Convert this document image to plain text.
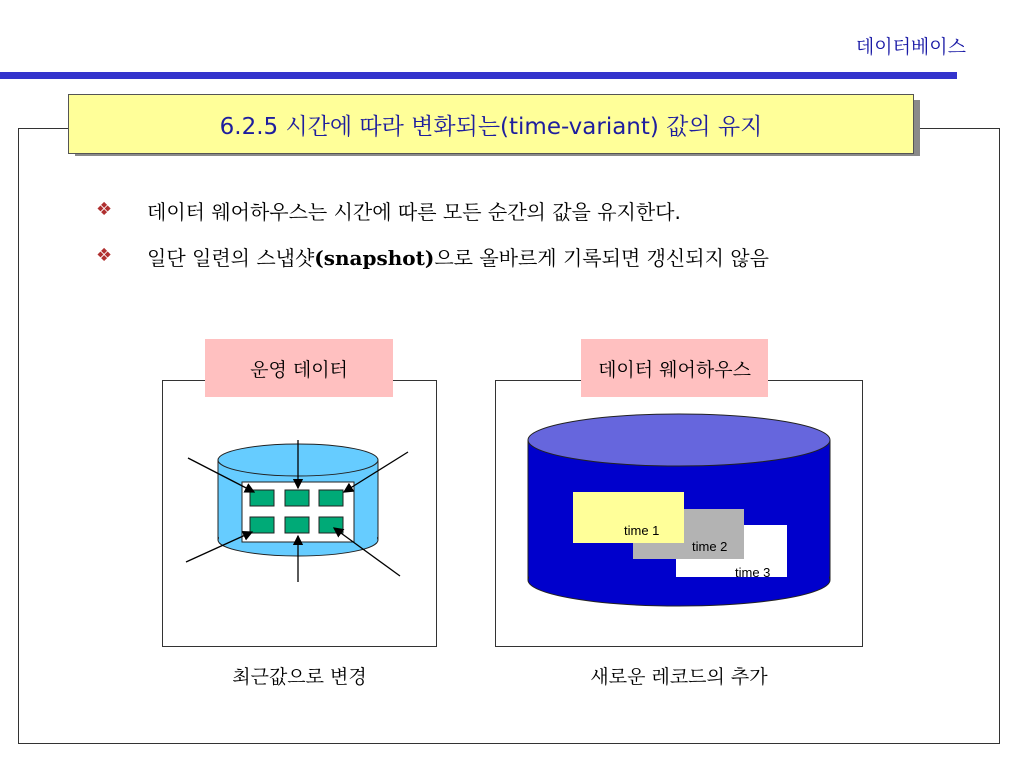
데이터베이스
6.2.5 시간에 따라 변화되는(time-variant) 값의 유지
❖ 데이터 웨어하우스는 시간에 따른 모든 순간의 값을 유지한다.
❖ 일단 일련의 스냅샷(snapshot)으로 올바르게 기록되면 갱신되지 않음
운영 데이터
최근값으로 변경
데이터 웨어하우스
time 1
time 2
time 3
새로운 레코드의 추가
